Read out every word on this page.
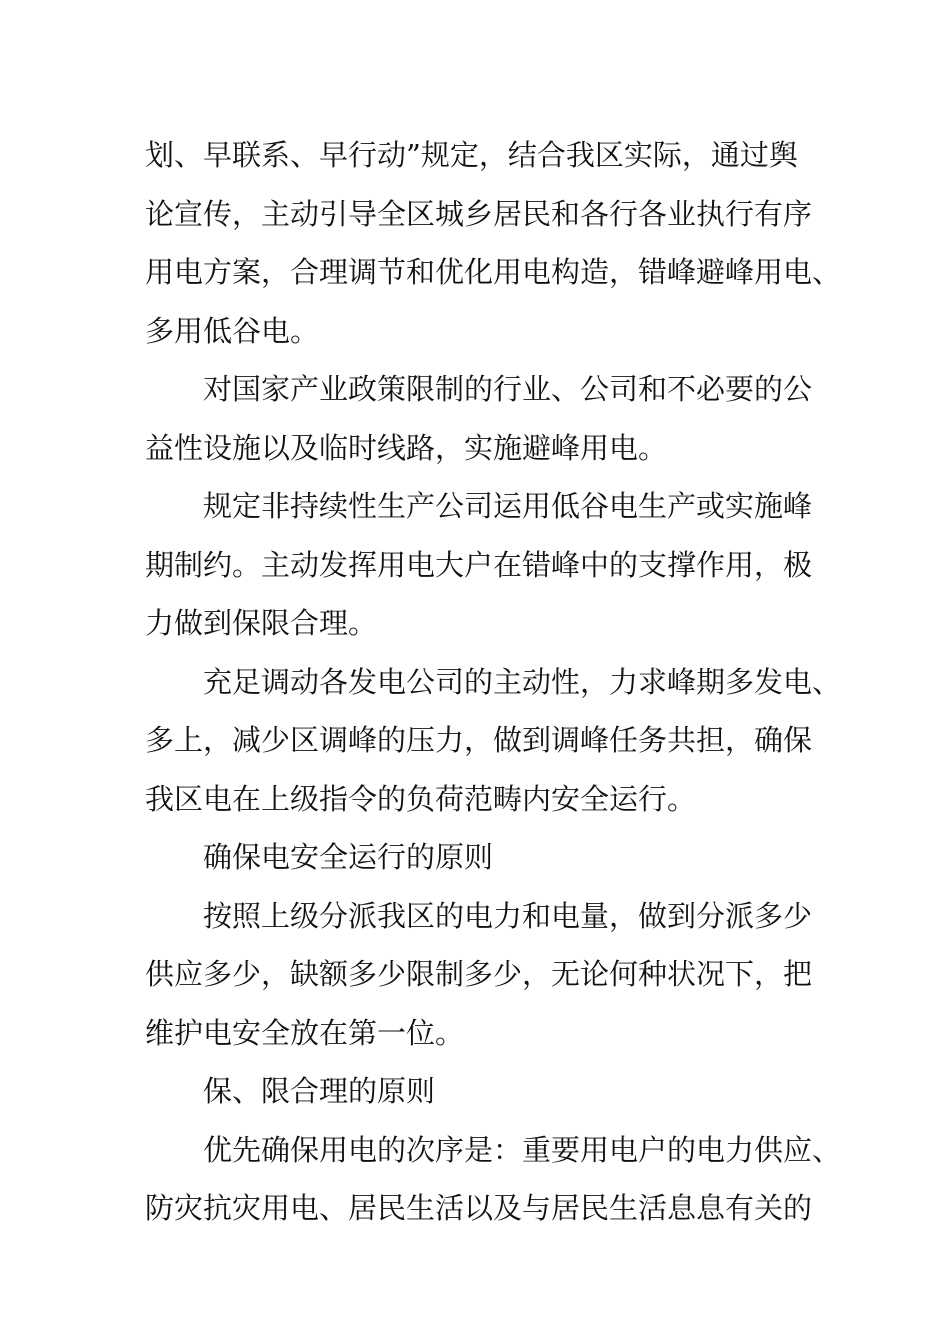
划、早联系、早行动”规定，结合我区实际，通过舆
论宣传，主动引导全区城乡居民和各行各业执行有序
用电方案，合理调节和优化用电构造，错峰避峰用电、
多用低谷电。
对国家产业政策限制的行业、公司和不必要的公
益性设施以及临时线路，实施避峰用电。
规定非持续性生产公司运用低谷电生产或实施峰
期制约。主动发挥用电大户在错峰中的支撑作用，极
力做到保限合理。
充足调动各发电公司的主动性，力求峰期多发电、
多上，减少区调峰的压力，做到调峰任务共担，确保
我区电在上级指令的负荷范畴内安全运行。
确保电安全运行的原则
按照上级分派我区的电力和电量，做到分派多少
供应多少，缺额多少限制多少，无论何种状况下，把
维护电安全放在第一位。
保、限合理的原则
优先确保用电的次序是：重要用电户的电力供应、
防灾抗灾用电、居民生活以及与居民生活息息有关的
